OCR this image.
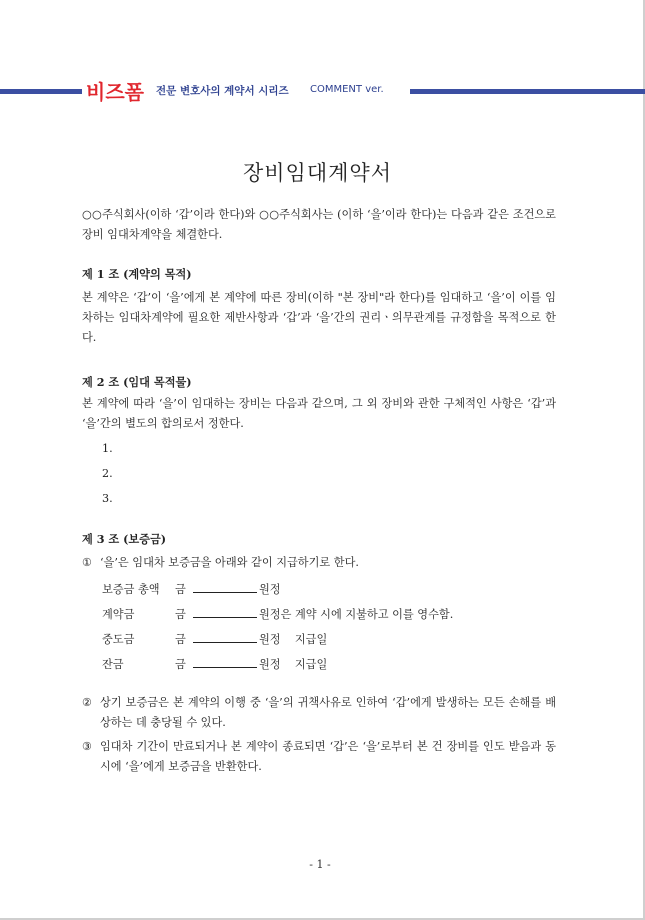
비즈폼 전문 변호사의 계약서 시리즈 COMMENT ver.
장비임대계약서

○○주식회사(이하 ‘갑’이라 한다)와 ○○주식회사는 (이하 ‘을’이라 한다)는 다음과 같은 조건으로 장비 임대차계약을 체결한다.

제 1 조 (계약의 목적)

본 계약은 ‘갑’이 ‘을’에게 본 계약에 따른 장비(이하 "본 장비"라 한다)를 임대하고 ‘을’이 이를 임차하는 임대차계약에 필요한 제반사항과 ‘갑’과 ‘을’간의 권리ㆍ의무관계를 규정함을 목적으로 한다.

제 2 조 (임대 목적물)

본 계약에 따라 ‘을’이 임대하는 장비는 다음과 같으며, 그 외 장비와 관한 구체적인 사항은 ‘갑’과 ‘을’간의 별도의 합의로서 정한다.

1.
2.
3.

제 3 조 (보증금)

① ‘을’은 임대차 보증금을 아래와 같이 지급하기로 한다.
보증금 총액	금	원정
계약금	금	원정은 계약 시에 지불하고 이를 영수함.
중도금	금	원정    지급일
잔금	금	원정    지급일
② 상기 보증금은 본 계약의 이행 중 ‘을’의 귀책사유로 인하여 ‘갑’에게 발생하는 모든 손해를 배상하는 데 충당될 수 있다.
③ 임대차 기간이 만료되거나 본 계약이 종료되면 ‘갑’은 ‘을’로부터 본 건 장비를 인도 받음과 동시에 ‘을’에게 보증금을 반환한다.
- 1 -
